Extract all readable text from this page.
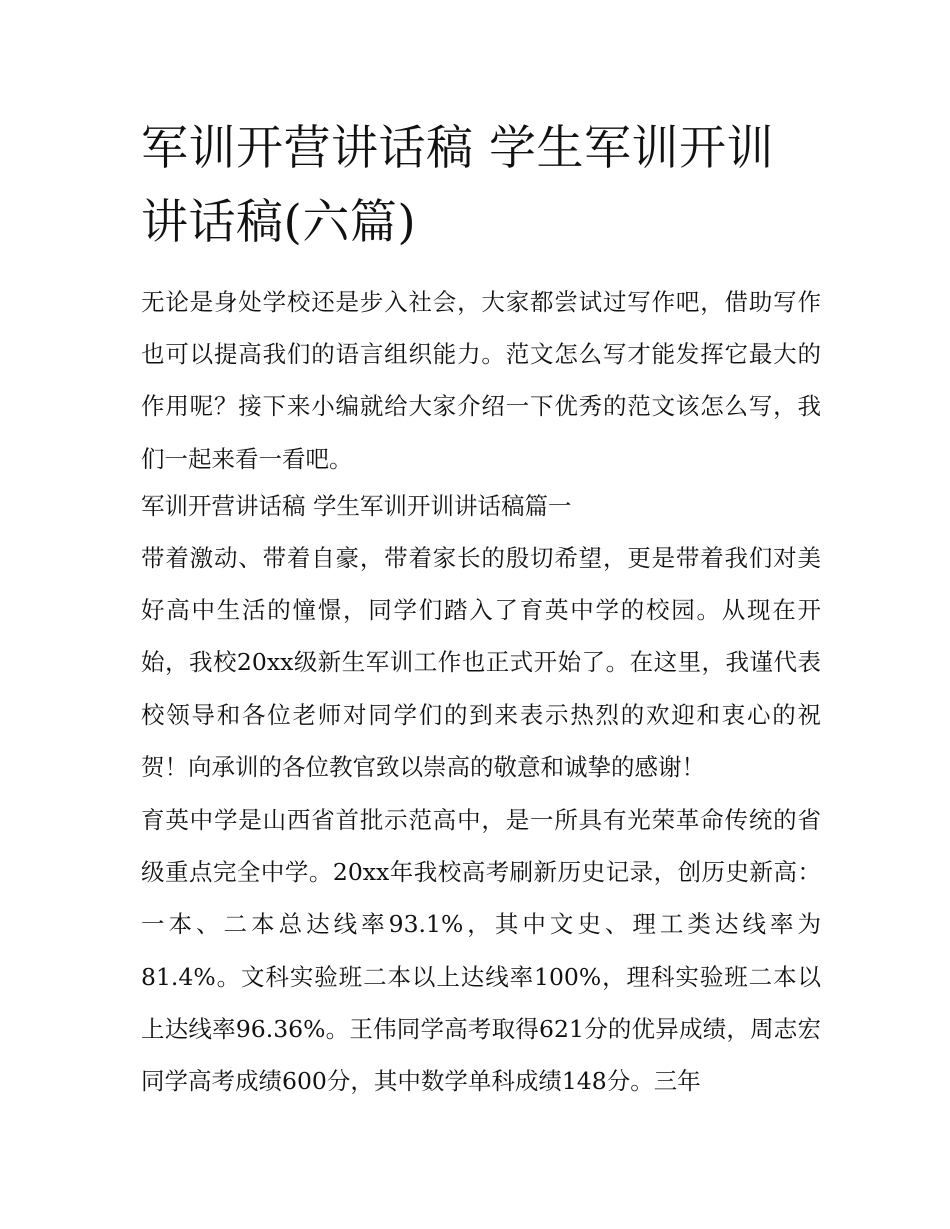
军训开营讲话稿 学生军训开训讲话稿(六篇)

无论是身处学校还是步入社会，大家都尝试过写作吧，借助写作也可以提高我们的语言组织能力。范文怎么写才能发挥它最大的作用呢？接下来小编就给大家介绍一下优秀的范文该怎么写，我们一起来看一看吧。

军训开营讲话稿 学生军训开训讲话稿篇一

带着激动、带着自豪，带着家长的殷切希望，更是带着我们对美好高中生活的憧憬，同学们踏入了育英中学的校园。从现在开始，我校20xx级新生军训工作也正式开始了。在这里，我谨代表校领导和各位老师对同学们的到来表示热烈的欢迎和衷心的祝贺！向承训的各位教官致以崇高的敬意和诚挚的感谢！

育英中学是山西省首批示范高中，是一所具有光荣革命传统的省级重点完全中学。20xx年我校高考刷新历史记录，创历史新高：一本、二本总达线率93.1%，其中文史、理工类达线率为81.4%。文科实验班二本以上达线率100%，理科实验班二本以上达线率96.36%。王伟同学高考取得621分的优异成绩，周志宏同学高考成绩600分，其中数学单科成绩148分。三年
